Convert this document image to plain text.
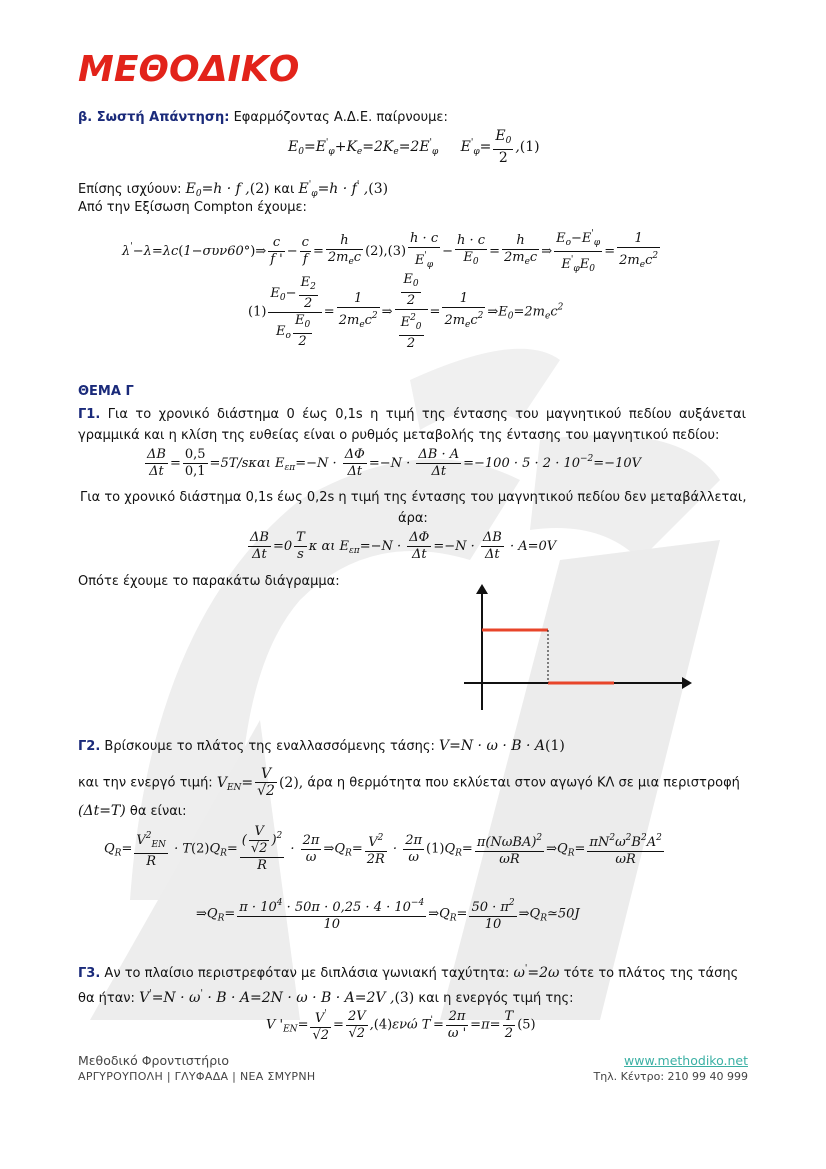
ΜΕΘΟΔΙΚΟ
β. Σωστή Απάντηση: Εφαρμόζοντας Α.Δ.Ε. παίρνουμε:
$E_0=E'_\varphi+K_e=2K_e=2E'_\varphi$     $E'_\varphi= \frac{E_0}{2} ,(1)$
Επίσης ισχύουν: $E_0=h \cdot f$ ,(2) και $E'_\varphi=h \cdot f'$ ,(3)
Από την Εξίσωση Compton έχουμε:
λ'−λ=λc(1−συν60°)⇒ $\frac{c}{f '} - \frac{c}{f} = \frac{h}{2m_ec} (2),(3) \frac{h \cdot c}{E'_\varphi} - \frac{h \cdot c}{E_0} = \frac{h}{2m_ec}$ ⇒ $\frac{E_o-E'_\varphi}{E'_\varphi E_0} = \frac{1}{2m_ec^2}$
$(1) \frac{E_0- \frac{E_2}{2}}{E_o \frac{E_0}{2}} = \frac{1}{2m_ec^2}$ ⇒ $\frac{\frac{E_0}{2}}{\frac{E^2_0}{2}} = \frac{1}{2m_ec^2}$ $\Rightarrow E_0=2m_ec^2$
ΘΕΜΑ Γ
Γ1. Για το χρονικό διάστημα 0 έως 0,1s η τιμή της έντασης του μαγνητικού πεδίου αυξάνεται γραμμικά και η κλίση της ευθείας είναι ο ρυθμός μεταβολής της έντασης του μαγνητικού πεδίου:
$\frac{\Delta B}{\Delta t} = \frac{0,5}{0,1} =5T/s\kappa\alpha\iota$ $E_{\varepsilon\pi}=-N \cdot \frac{\Delta\Phi}{\Delta t} =-N \cdot \frac{\Delta B \cdot A}{\Delta t} =-100 \cdot 5 \cdot 2 \cdot 10^{-2}=-10V$
Για το χρονικό διάστημα 0,1s έως 0,2s η τιμή της έντασης του μαγνητικού πεδίου δεν μεταβάλλεται,
άρα:
$\frac{\Delta B}{\Delta t} =0 \frac{T}{s}$ κ αι $E_{\varepsilon\pi}=-N \cdot \frac{\Delta\Phi}{\Delta t} =-N \cdot \frac{\Delta B}{\Delta t} \cdot A=0V$
Οπότε έχουμε το παρακάτω διάγραμμα:
Γ2. Βρίσκουμε το πλάτος της εναλλασσόμενης τάσης: V=N · ω · B · A(1)
και την ενεργό τιμή: $V_{EN}= \frac{V}{√2} (2)$, άρα η θερμότητα που εκλύεται στον αγωγό ΚΛ σε μια περιστροφή
(Δt=T) θα είναι:
$Q_R= \frac{V^2_{EN}}{R} \cdot T(2)Q_R= \frac{( \frac{V}{√2} )^2}{R} \cdot \frac{2\pi}{\omega}$ $\Rightarrow Q_R= \frac{V^2}{2R} \cdot \frac{2\pi}{\omega} (1)Q_R= \frac{\pi(N\omega BA)^2}{\omega R}$ $\Rightarrow Q_R= \frac{\pi N^2\omega^2B^2A^2}{\omega R}$
$\Rightarrow Q_R= \frac{\pi \cdot 10^4 \cdot 50\pi \cdot 0,25 \cdot 4 \cdot 10^{-4}}{10}$ $\Rightarrow Q_R= \frac{50 \cdot \pi^2}{10}$ $\Rightarrow Q_R≃50J$
Γ3. Αν το πλαίσιο περιστρεφόταν με διπλάσια γωνιακή ταχύτητα: ω'=2ω τότε το πλάτος της τάσης
θα ήταν: V'=N · ω' · B · A=2N · ω · B · A=2V ,(3) και η ενεργός τιμή της:
V '$_{EN}= \frac{V'}{√2} = \frac{2V}{√2} ,(4)\varepsilon\nu ώ$ $T'= \frac{2\pi}{\omega '} =\pi= \frac{T}{2} (5)$
Μεθοδικό Φροντιστήριο
ΑΡΓΥΡΟΥΠΟΛΗ | ΓΛΥΦΑΔΑ | ΝΕΑ ΣΜΥΡΝΗ
www.methodiko.net
Τηλ. Κέντρο: 210 99 40 999
